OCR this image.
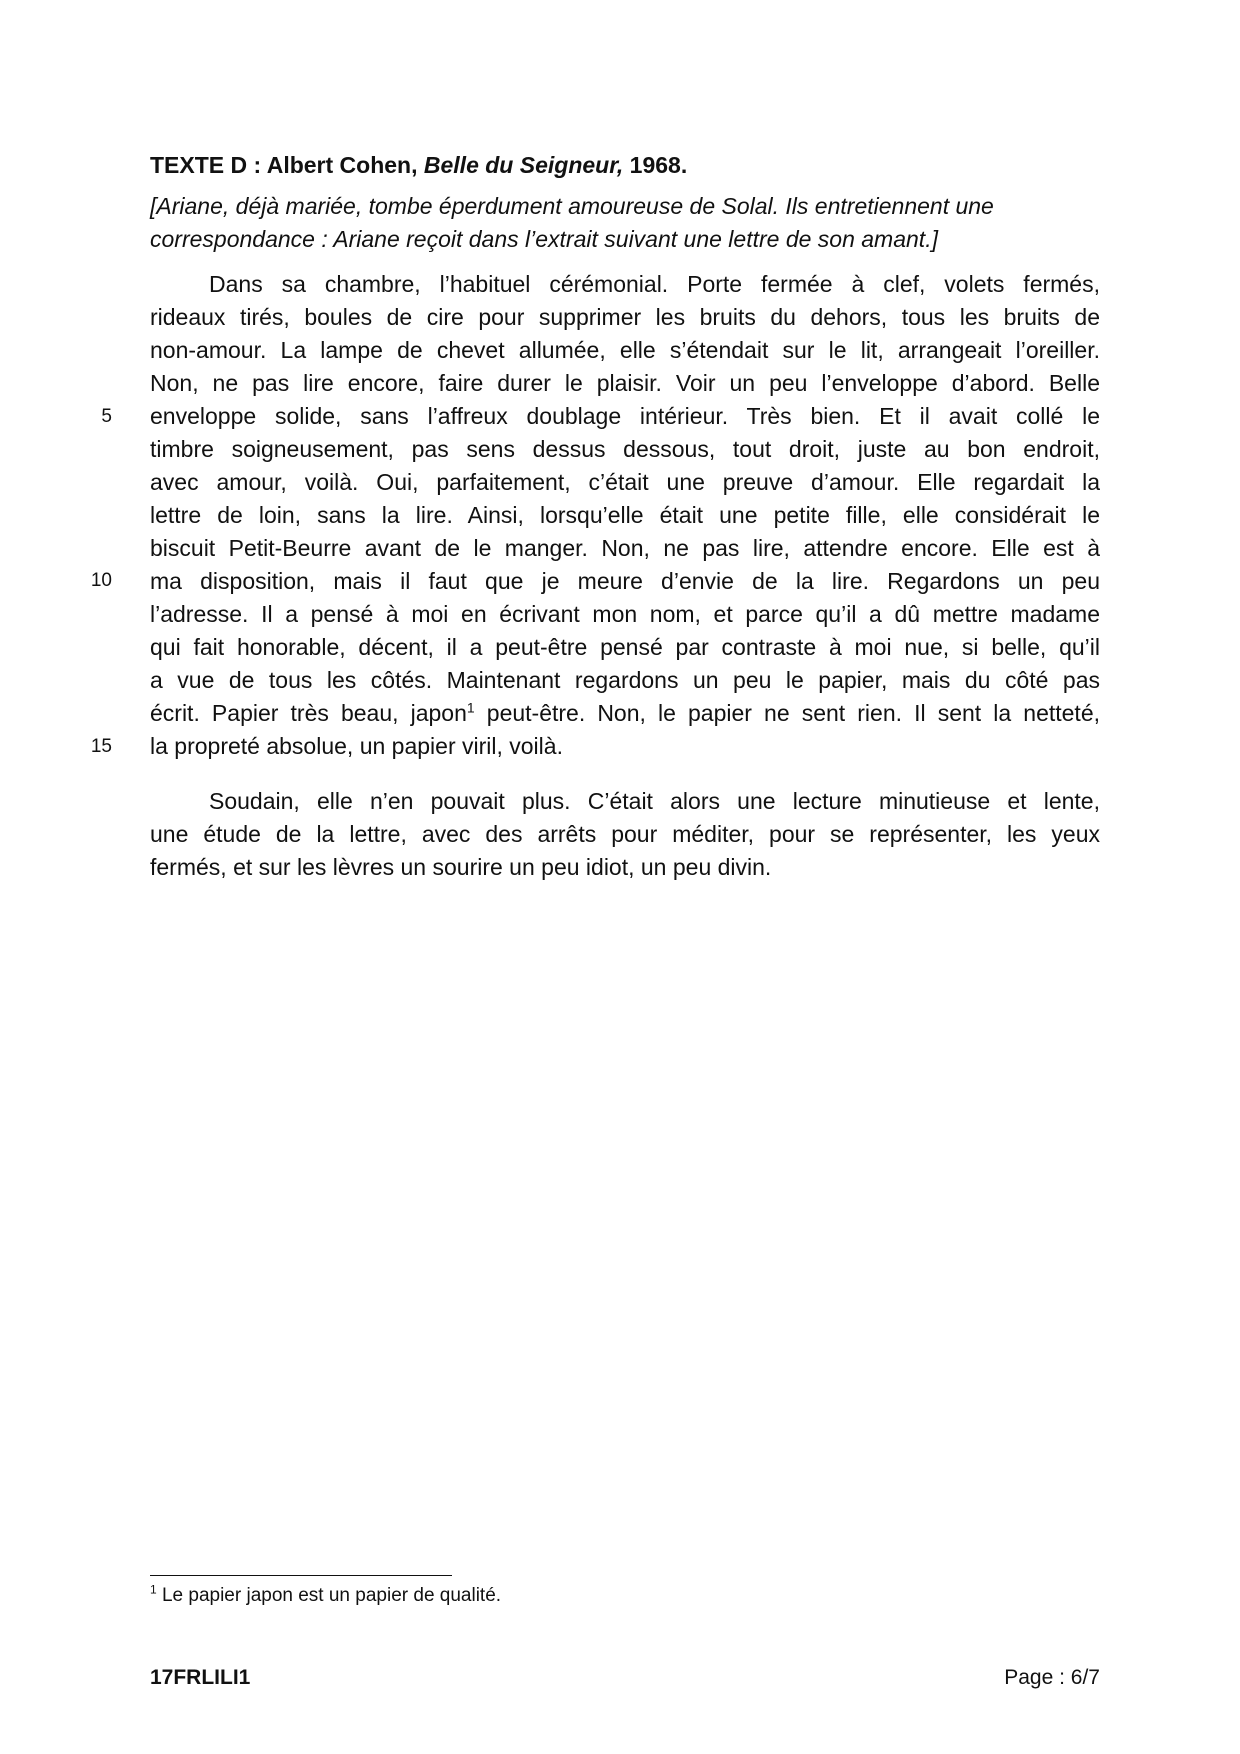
TEXTE D : Albert Cohen, Belle du Seigneur, 1968.
[Ariane, déjà mariée, tombe éperdument amoureuse de Solal. Ils entretiennent une
correspondance : Ariane reçoit dans l’extrait suivant une lettre de son amant.]
Dans sa chambre, l’habituel cérémonial. Porte fermée à clef, volets fermés,
rideaux tirés, boules de cire pour supprimer les bruits du dehors, tous les bruits de
non-amour. La lampe de chevet allumée, elle s’étendait sur le lit, arrangeait l’oreiller.
Non, ne pas lire encore, faire durer le plaisir. Voir un peu l’enveloppe d’abord. Belle
enveloppe solide, sans l’affreux doublage intérieur. Très bien. Et il avait collé le
timbre soigneusement, pas sens dessus dessous, tout droit, juste au bon endroit,
avec amour, voilà. Oui, parfaitement, c’était une preuve d’amour. Elle regardait la
lettre de loin, sans la lire. Ainsi, lorsqu’elle était une petite fille, elle considérait le
biscuit Petit-Beurre avant de le manger. Non, ne pas lire, attendre encore. Elle est à
ma disposition, mais il faut que je meure d’envie de la lire. Regardons un peu
l’adresse. Il a pensé à moi en écrivant mon nom, et parce qu’il a dû mettre madame
qui fait honorable, décent, il a peut-être pensé par contraste à moi nue, si belle, qu’il
a vue de tous les côtés. Maintenant regardons un peu le papier, mais du côté pas
écrit. Papier très beau, japon$^1$ peut-être. Non, le papier ne sent rien. Il sent la netteté,
la propreté absolue, un papier viril, voilà.
5
10
15
Soudain, elle n’en pouvait plus. C’était alors une lecture minutieuse et lente,
une étude de la lettre, avec des arrêts pour méditer, pour se représenter, les yeux
fermés, et sur les lèvres un sourire un peu idiot, un peu divin.
$^1$ Le papier japon est un papier de qualité.
17FRLILI1	Page : 6/7
